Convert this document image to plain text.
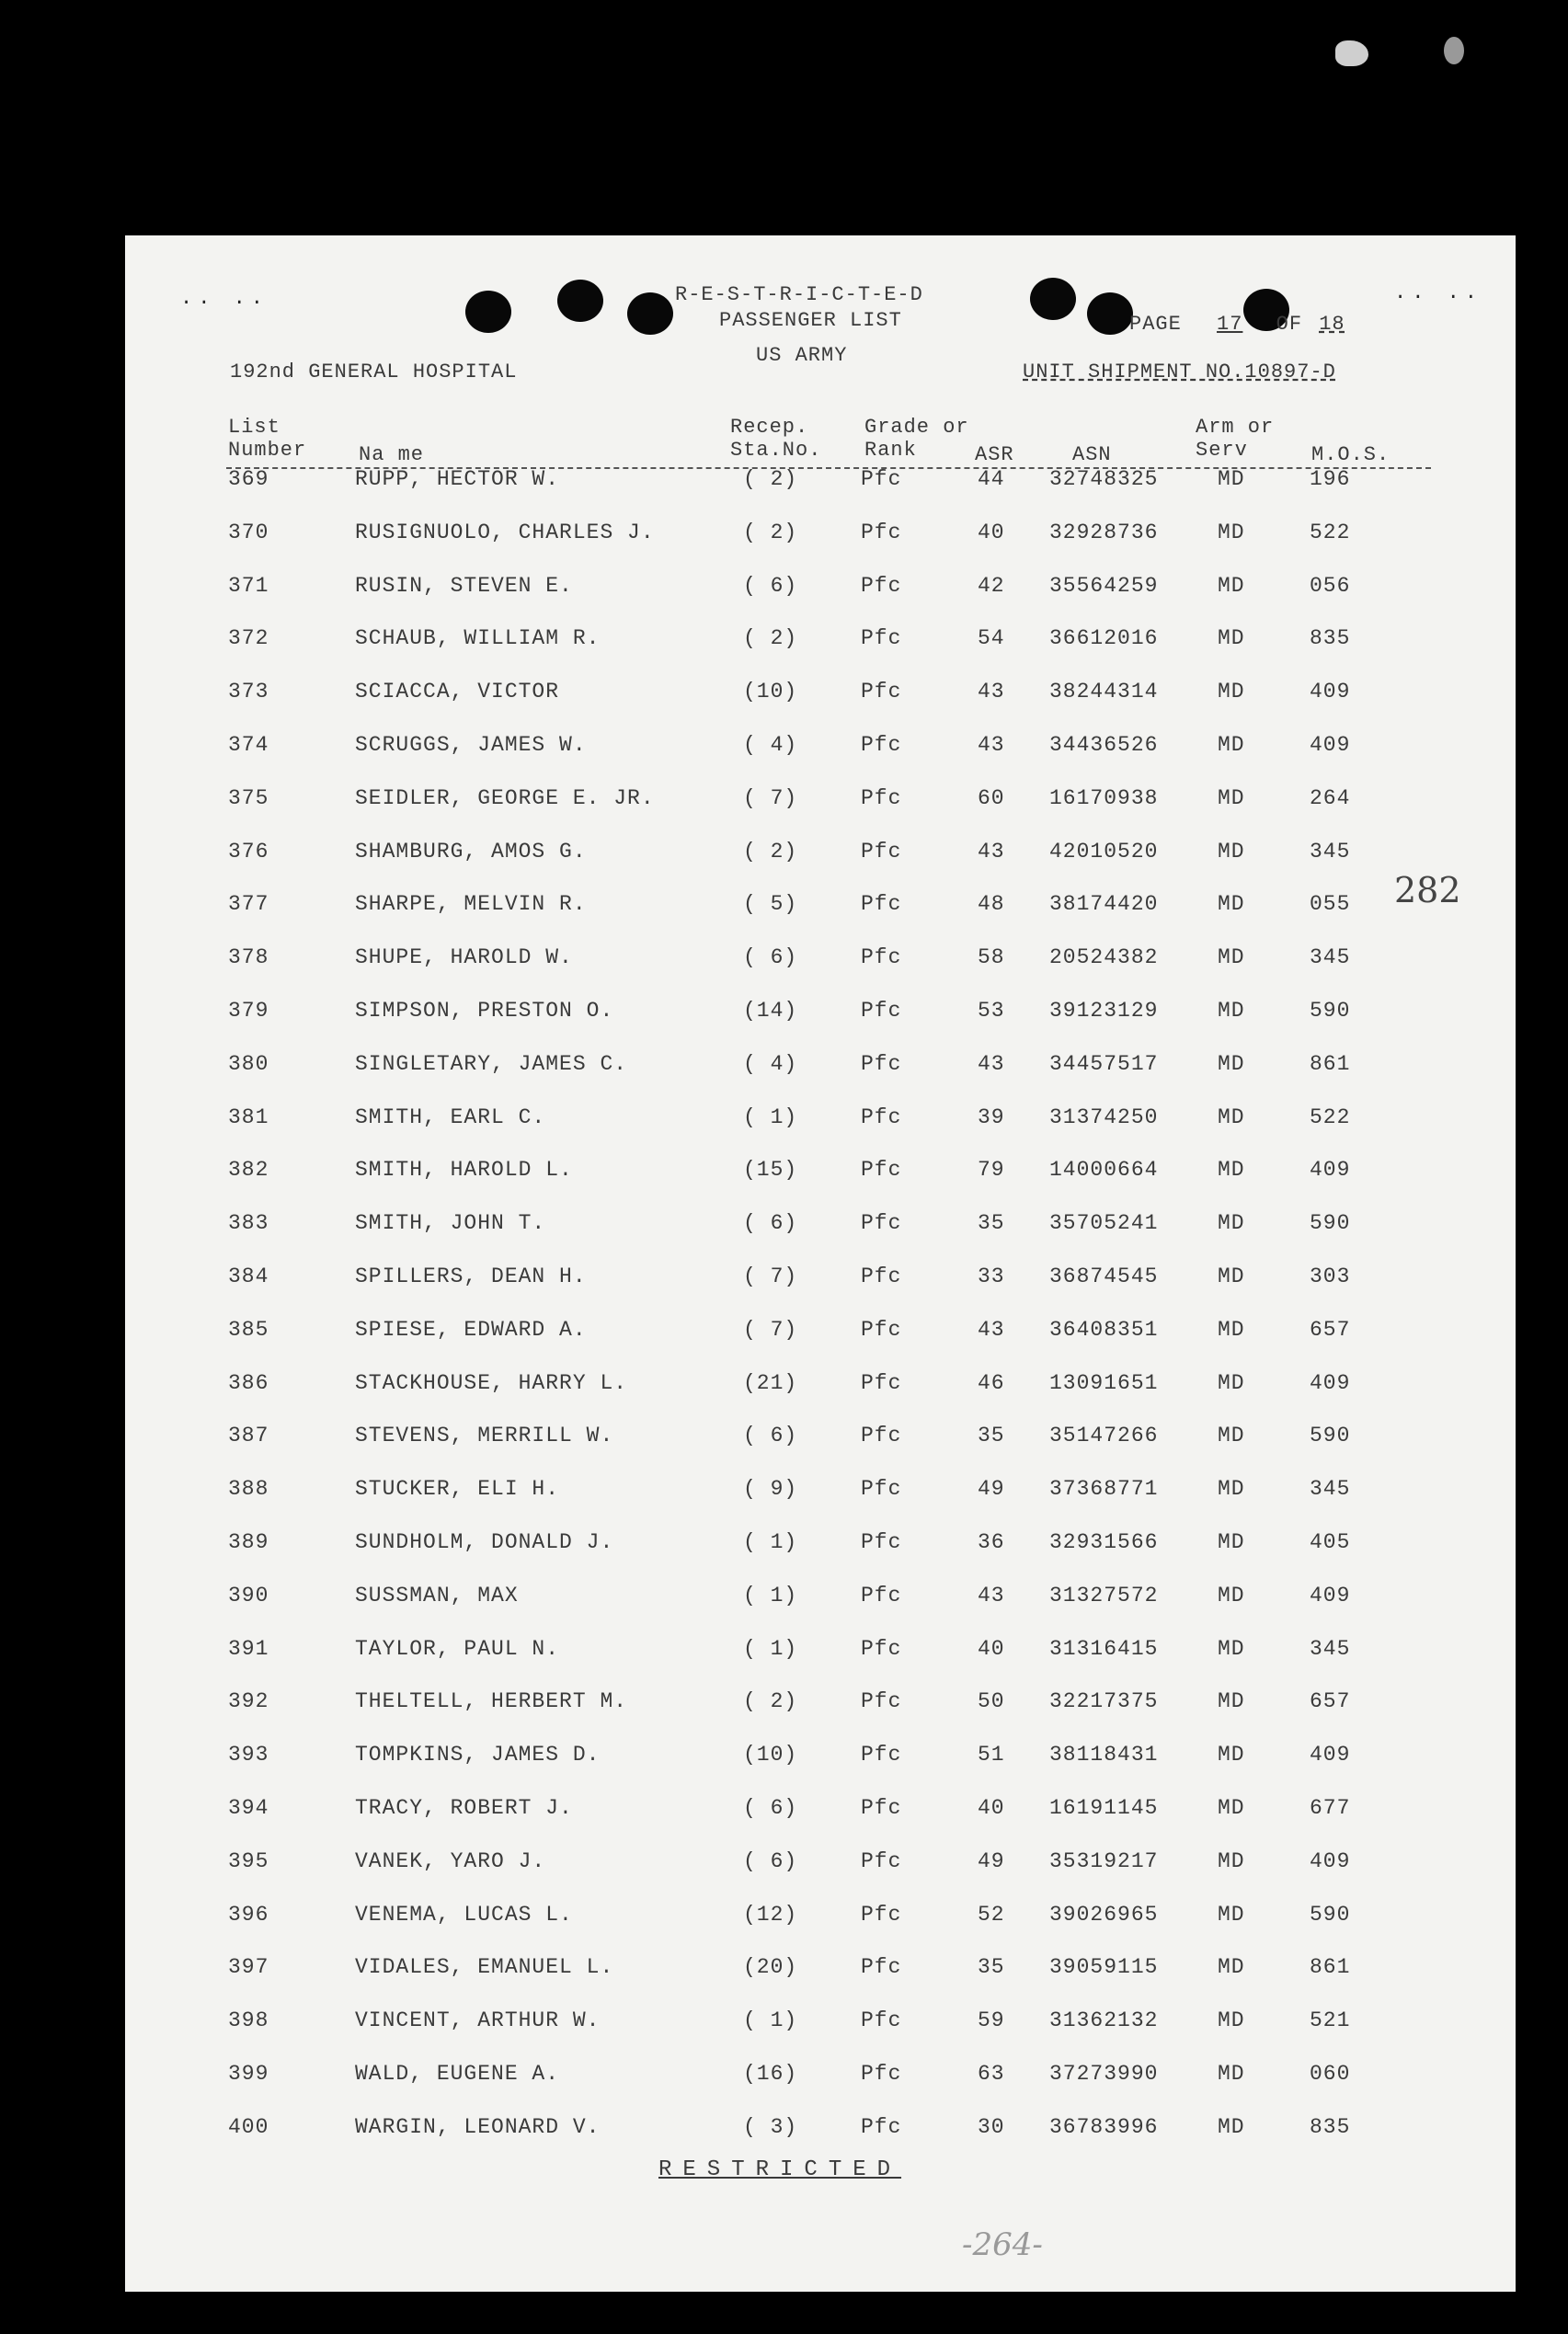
.. ..	.. ..
R-E-S-T-R-I-C-T-E-D
PASSENGER LIST
US ARMY
192nd GENERAL HOSPITAL
PAGE 17 OF 18
UNIT SHIPMENT NO.10897-D
List
Number	Na me
Recep.
Sta.No.
Grade or
Rank	ASR	ASN
Arm or
Serv	M.O.S.
369	RUPP, HECTOR W.	( 2)	Pfc	44 32748325	MD	196
370	RUSIGNUOLO, CHARLES J.	( 2)	Pfc	40 32928736	MD	522
371	RUSIN, STEVEN E.	( 6)	Pfc	42 35564259	MD	056
372	SCHAUB, WILLIAM R.	( 2)	Pfc	54 36612016	MD	835
373	SCIACCA, VICTOR	(10)	Pfc	43 38244314	MD	409
374	SCRUGGS, JAMES W.	( 4)	Pfc	43 34436526	MD	409
375	SEIDLER, GEORGE E. JR.	( 7)	Pfc	60 16170938	MD	264
376	SHAMBURG, AMOS G.	( 2)	Pfc	43 42010520	MD	345
377	SHARPE, MELVIN R.	( 5)	Pfc	48 38174420	MD	055
378	SHUPE, HAROLD W.	( 6)	Pfc	58 20524382	MD	345
379	SIMPSON, PRESTON O.	(14)	Pfc	53 39123129	MD	590
380	SINGLETARY, JAMES C.	( 4)	Pfc	43 34457517	MD	861
381	SMITH, EARL C.	( 1)	Pfc	39 31374250	MD	522
382	SMITH, HAROLD L.	(15)	Pfc	79 14000664	MD	409
383	SMITH, JOHN T.	( 6)	Pfc	35 35705241	MD	590
384	SPILLERS, DEAN H.	( 7)	Pfc	33 36874545	MD	303
385	SPIESE, EDWARD A.	( 7)	Pfc	43 36408351	MD	657
386	STACKHOUSE, HARRY L.	(21)	Pfc	46 13091651	MD	409
387	STEVENS, MERRILL W.	( 6)	Pfc	35 35147266	MD	590
388	STUCKER, ELI H.	( 9)	Pfc	49 37368771	MD	345
389	SUNDHOLM, DONALD J.	( 1)	Pfc	36 32931566	MD	405
390	SUSSMAN, MAX	( 1)	Pfc	43 31327572	MD	409
391	TAYLOR, PAUL N.	( 1)	Pfc	40 31316415	MD	345
392	THELTELL, HERBERT M.	( 2)	Pfc	50 32217375	MD	657
393	TOMPKINS, JAMES D.	(10)	Pfc	51 38118431	MD	409
394	TRACY, ROBERT J.	( 6)	Pfc	40 16191145	MD	677
395	VANEK, YARO J.	( 6)	Pfc	49 35319217	MD	409
396	VENEMA, LUCAS L.	(12)	Pfc	52 39026965	MD	590
397	VIDALES, EMANUEL L.	(20)	Pfc	35 39059115	MD	861
398	VINCENT, ARTHUR W.	( 1)	Pfc	59 31362132	MD	521
399	WALD, EUGENE A.	(16)	Pfc	63 37273990	MD	060
400	WARGIN, LEONARD V.	( 3)	Pfc	30 36783996	MD	835
282
RESTRICTED
-264-
